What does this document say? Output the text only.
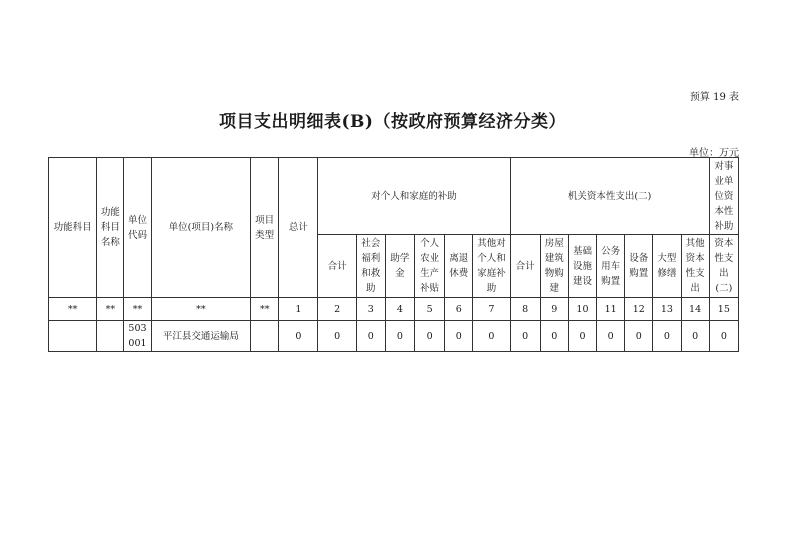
预算 19 表
项目支出明细表(B)（按政府预算经济分类）
单位：万元
功能科目	功能科目名称	单位代码	单位(项目)名称	项目类型	总计	对个人和家庭的补助						机关资本性支出(二)							对事业单位资本性补助
						合计	社会福利和救助	助学金	个人农业生产补贴	离退休费	其他对个人和家庭补助	合计	房屋建筑物购建	基础设施建设	公务用车购置	设备购置	大型修缮	其他资本性支出	资本性支出(二)
**	**	**	**	**	1	2	3	4	5	6	7	8	9	10	11	12	13	14	15
		503001	平江县交通运输局		0	0	0	0	0	0	0	0	0	0	0	0	0	0	0
